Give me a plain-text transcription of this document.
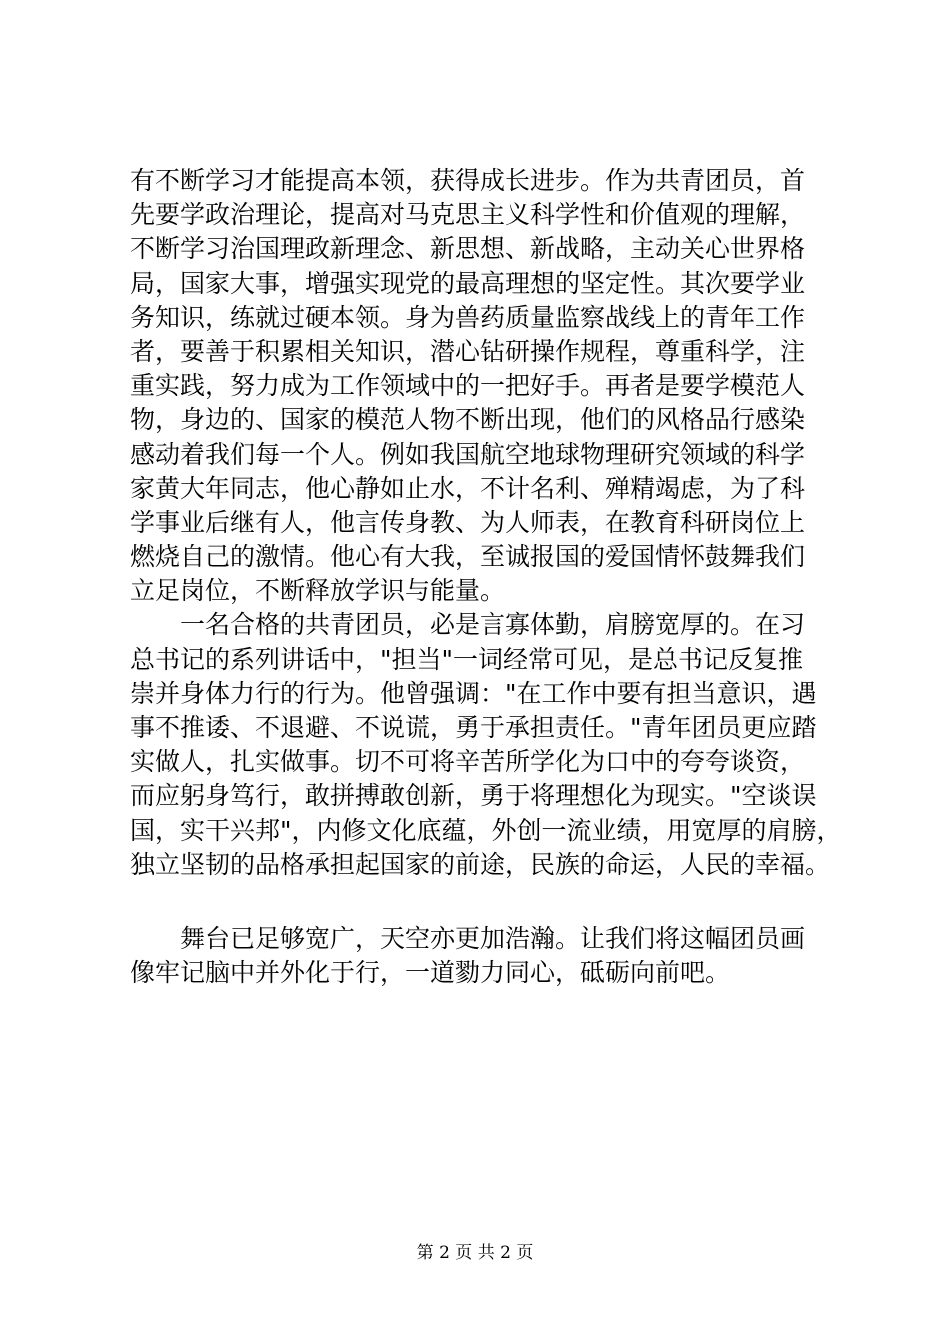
有不断学习才能提高本领，获得成长进步。作为共青团员，首
先要学政治理论，提高对马克思主义科学性和价值观的理解，
不断学习治国理政新理念、新思想、新战略，主动关心世界格
局，国家大事，增强实现党的最高理想的坚定性。其次要学业
务知识，练就过硬本领。身为兽药质量监察战线上的青年工作
者，要善于积累相关知识，潜心钻研操作规程，尊重科学，注
重实践，努力成为工作领域中的一把好手。再者是要学模范人
物，身边的、国家的模范人物不断出现，他们的风格品行感染
感动着我们每一个人。例如我国航空地球物理研究领域的科学
家黄大年同志，他心静如止水，不计名利、殚精竭虑，为了科
学事业后继有人，他言传身教、为人师表，在教育科研岗位上
燃烧自己的激情。他心有大我，至诚报国的爱国情怀鼓舞我们
立足岗位，不断释放学识与能量。
一名合格的共青团员，必是言寡体勤，肩膀宽厚的。在习
总书记的系列讲话中，"担当"一词经常可见，是总书记反复推
崇并身体力行的行为。他曾强调："在工作中要有担当意识，遇
事不推诿、不退避、不说谎，勇于承担责任。"青年团员更应踏
实做人，扎实做事。切不可将辛苦所学化为口中的夸夸谈资，
而应躬身笃行，敢拼搏敢创新，勇于将理想化为现实。"空谈误
国，实干兴邦"，内修文化底蕴，外创一流业绩，用宽厚的肩膀，
独立坚韧的品格承担起国家的前途，民族的命运，人民的幸福。
舞台已足够宽广，天空亦更加浩瀚。让我们将这幅团员画
像牢记脑中并外化于行，一道勠力同心，砥砺向前吧。
第 2 页 共 2 页
